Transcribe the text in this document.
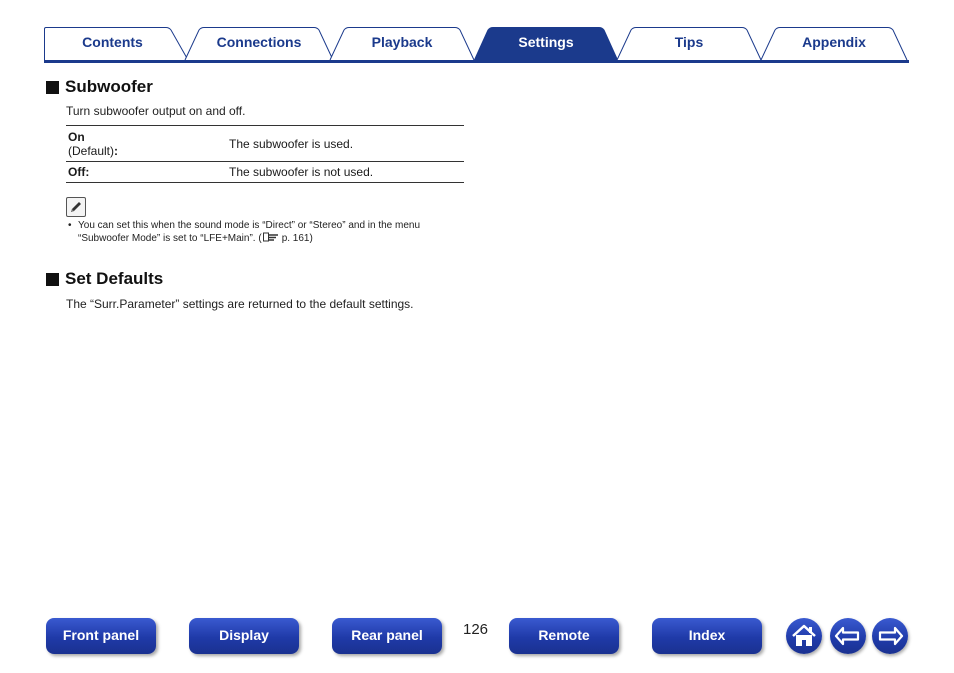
Contents	Connections	Playback	Settings	Tips	Appendix
Subwoofer
Turn subwoofer output on and off.
On
(Default):	The subwoofer is used.
Off:	The subwoofer is not used.
• You can set this when the sound mode is “Direct” or “Stereo” and in the menu
“Subwoofer Mode” is set to “LFE+Main”. ( p. 161)
Set Defaults
The “Surr.Parameter” settings are returned to the default settings.
Front panel	Display	Rear panel	126	Remote	Index
